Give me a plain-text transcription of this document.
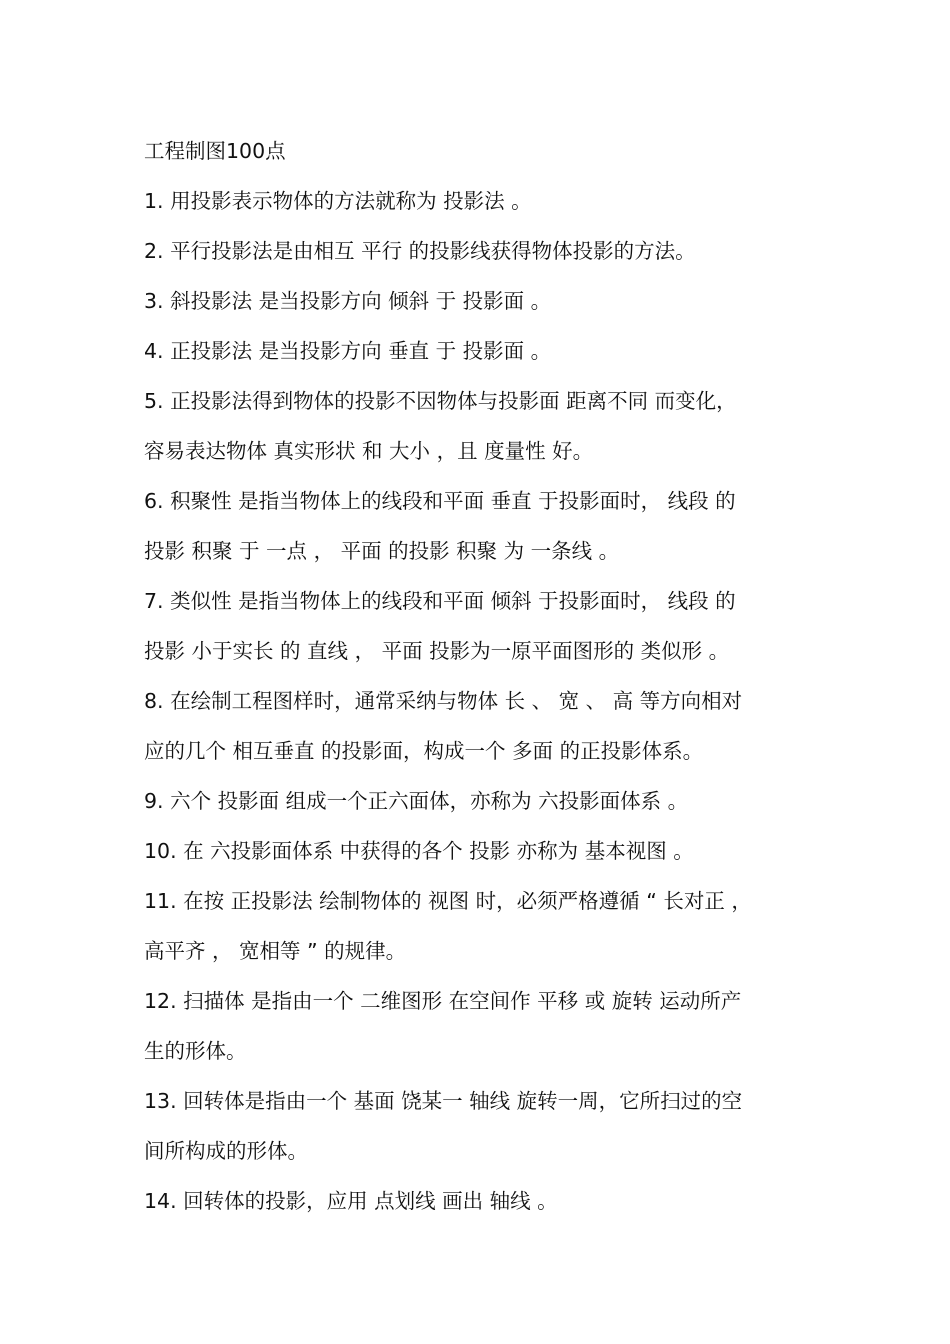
工程制图100点
1. 用投影表示物体的方法就称为 投影法 。
2. 平行投影法是由相互 平行 的投影线获得物体投影的方法。
3. 斜投影法 是当投影方向 倾斜 于 投影面 。
4. 正投影法 是当投影方向 垂直 于 投影面 。
5. 正投影法得到物体的投影不因物体与投影面 距离不同 而变化，
容易表达物体 真实形状 和 大小 ，且 度量性 好。
6. 积聚性 是指当物体上的线段和平面 垂直 于投影面时， 线段 的
投影 积聚 于 一点 ， 平面 的投影 积聚 为 一条线 。
7. 类似性 是指当物体上的线段和平面 倾斜 于投影面时， 线段 的
投影 小于实长 的 直线 ， 平面 投影为一原平面图形的 类似形 。
8. 在绘制工程图样时，通常采纳与物体 长 、 宽 、 高 等方向相对
应的几个 相互垂直 的投影面，构成一个 多面 的正投影体系。
9. 六个 投影面 组成一个正六面体，亦称为 六投影面体系 。
10. 在 六投影面体系 中获得的各个 投影 亦称为 基本视图 。
11. 在按 正投影法 绘制物体的 视图 时，必须严格遵循 “ 长对正 ，
高平齐 ， 宽相等 ” 的规律。
12. 扫描体 是指由一个 二维图形 在空间作 平移 或 旋转 运动所产
生的形体。
13. 回转体是指由一个 基面 饶某一 轴线 旋转一周，它所扫过的空
间所构成的形体。
14. 回转体的投影，应用 点划线 画出 轴线 。
